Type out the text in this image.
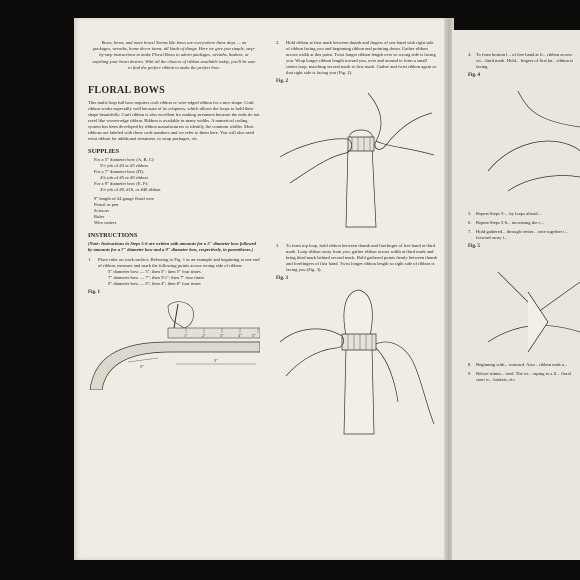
Bows, bows, and more bows! Seems like bows are everywhere these days — on packages, wreaths, home decor items, all kinds of things. Here we give you simple, step-by-step instructions to make Floral Bows to adorn packages, wreaths, baskets, or anything your heart desires. With all the choices of ribbon available today, you'll be sure to find the perfect ribbon to make the perfect bow.
FLORAL BOWS

This multi-loop full bow requires craft ribbon or wire-edged ribbon for a nice shape. Craft ribbon works especially well because of its crispness, which allows the loops to hold their shape beautifully. Craft ribbon is also excellent for making streamers because the ends do not ravel like woven-edge ribbon. Ribbon is available in many widths. A numerical coding system has been developed by ribbon manufacturers to identify the common widths. Most ribbons are labeled with these code numbers and we refer to them here. You will also need extra ribbon for additional streamers, to wrap packages, etc.

SUPPLIES
For a 5" diameter bow (A, B, C):
5½ yds of #3 or #5 ribbon
For a 7" diameter bow (D):
4⅛ yds of #5 or #9 ribbon
For a 9" diameter bow (E, F):
4⅛ yds of #9, #16, or #40 ribbon
9" length of 24 gauge floral wire
Pencil or pen
Scissors
Ruler
Wire cutters
INSTRUCTIONS
(Note: Instructions in Steps 5-6 are written with amounts for a 5" diameter bow followed by amounts for a 7" diameter bow and a 9" diameter bow, respectively, in parentheses.)
1. Place ruler on work surface. Referring to Fig. 1 as an example and beginning at one end of ribbon, measure and mark the following points across wrong side of ribbon:
5" diameter bow — 5"; then 5"; then 5" four times
7" diameter bow — 7"; then 5½"; then 7" four times
9" diameter bow — 8"; then 4"; then 8" four times
Fig. 1
1"	2"	3"	4"	5"
5"
5"
2. Hold ribbon at first mark between thumb and fingers of one hand with right side of ribbon facing you and beginning ribbon end pointing down. Gather ribbon across width at this point. Twist longer ribbon length over so wrong side is facing you. Wrap longer ribbon length toward you, over and around to form a small center loop, matching second mark to first mark. Gather and twist ribbon again so that right side is facing you (Fig. 2).
Fig. 2
3. To form top loop, hold ribbon between thumb and forefinger of free hand at third mark. Loop ribbon away from you; gather ribbon across width at third mark and bring third mark behind second mark. Hold gathered points firmly between thumb and forefingers of first hand. Twist longer ribbon length so right side of ribbon is facing you (Fig. 3).
Fig. 3
4. To form bottom l... of free hand at fi... ribbon across wi... third mark. Hold... fingers of first ha... ribbon is facing
Fig. 4
5. Repeat Steps 5-... by loops alread...
6. Repeat Steps 5-6... increasing the c...
7. Hold gathered... through center... wire together t... forward away f...
Fig. 5
8. Beginning with... outward. Arra... ribbon ends a...
9. Before trimm... toed. The wi... taping to a fl... floral stem w... baskets, etc.
